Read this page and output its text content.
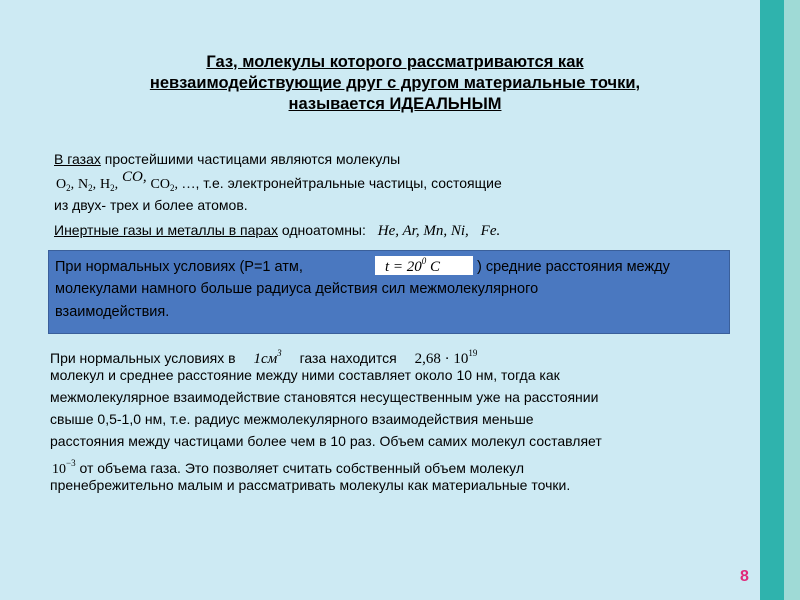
Газ, молекулы которого рассматриваются как
невзаимодействующие друг с другом материальные точки,
называется ИДЕАЛЬНЫМ
В газах простейшими частицами являются молекулы
$O_2$, $N_2$, $H_2$, CO, $CO_2$, …, т.е. электронейтральные частицы, состоящие
из двух- трех и более атомов.
Инертные газы и металлы в парах одноатомны: He, Ar, Mn, Ni, Fe.
При нормальных условиях (Р=1 атм,	$t = 20^0$ C	) средние расстояния между
молекулами намного больше радиуса действия сил межмолекулярного
взаимодействия.
При нормальных условиях в $1см^3$ газа находится $2,68 \cdot 10^{19}$
молекул и среднее расстояние между ними составляет около 10 нм, тогда как
межмолекулярное взаимодействие становятся несущественным уже на расстоянии
свыше 0,5-1,0 нм, т.е. радиус межмолекулярного взаимодействия меньше
расстояния между частицами более чем в 10 раз. Объем самих молекул составляет
$10^{-3}$ от объема газа. Это позволяет считать собственный объем молекул
пренебрежительно малым и рассматривать молекулы как материальные точки.
8
